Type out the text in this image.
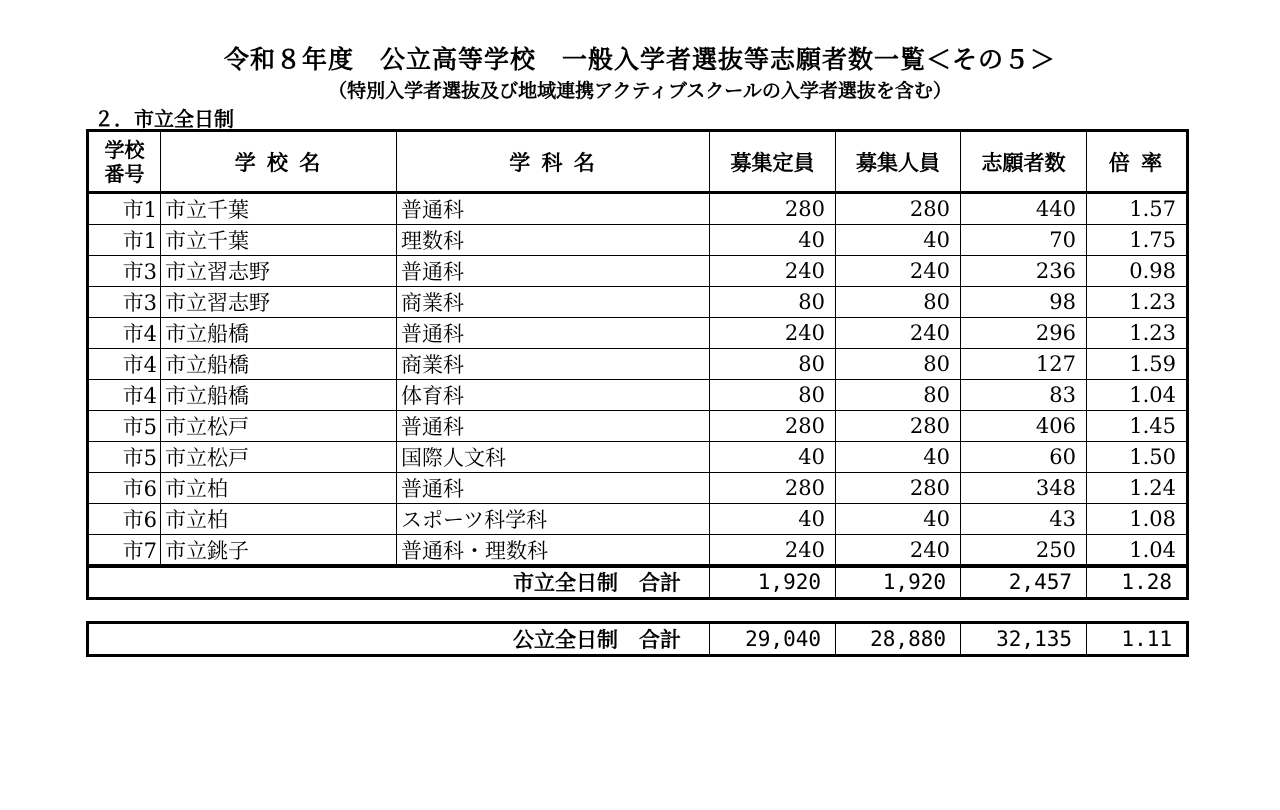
令和８年度　公立高等学校　一般入学者選抜等志願者数一覧＜その５＞
（特別入学者選抜及び地域連携アクティブスクールの入学者選抜を含む）
２．市立全日制
学校
番号	学 校 名	学 科 名	募集定員	募集人員	志願者数	倍 率
市1	市立千葉	普通科	280	280	440	1.57
市1	市立千葉	理数科	40	40	70	1.75
市3	市立習志野	普通科	240	240	236	0.98
市3	市立習志野	商業科	80	80	98	1.23
市4	市立船橋	普通科	240	240	296	1.23
市4	市立船橋	商業科	80	80	127	1.59
市4	市立船橋	体育科	80	80	83	1.04
市5	市立松戸	普通科	280	280	406	1.45
市5	市立松戸	国際人文科	40	40	60	1.50
市6	市立柏	普通科	280	280	348	1.24
市6	市立柏	スポーツ科学科	40	40	43	1.08
市7	市立銚子	普通科・理数科	240	240	250	1.04
市立全日制　合計	1,920	1,920	2,457	1.28
公立全日制　合計	29,040	28,880	32,135	1.11
